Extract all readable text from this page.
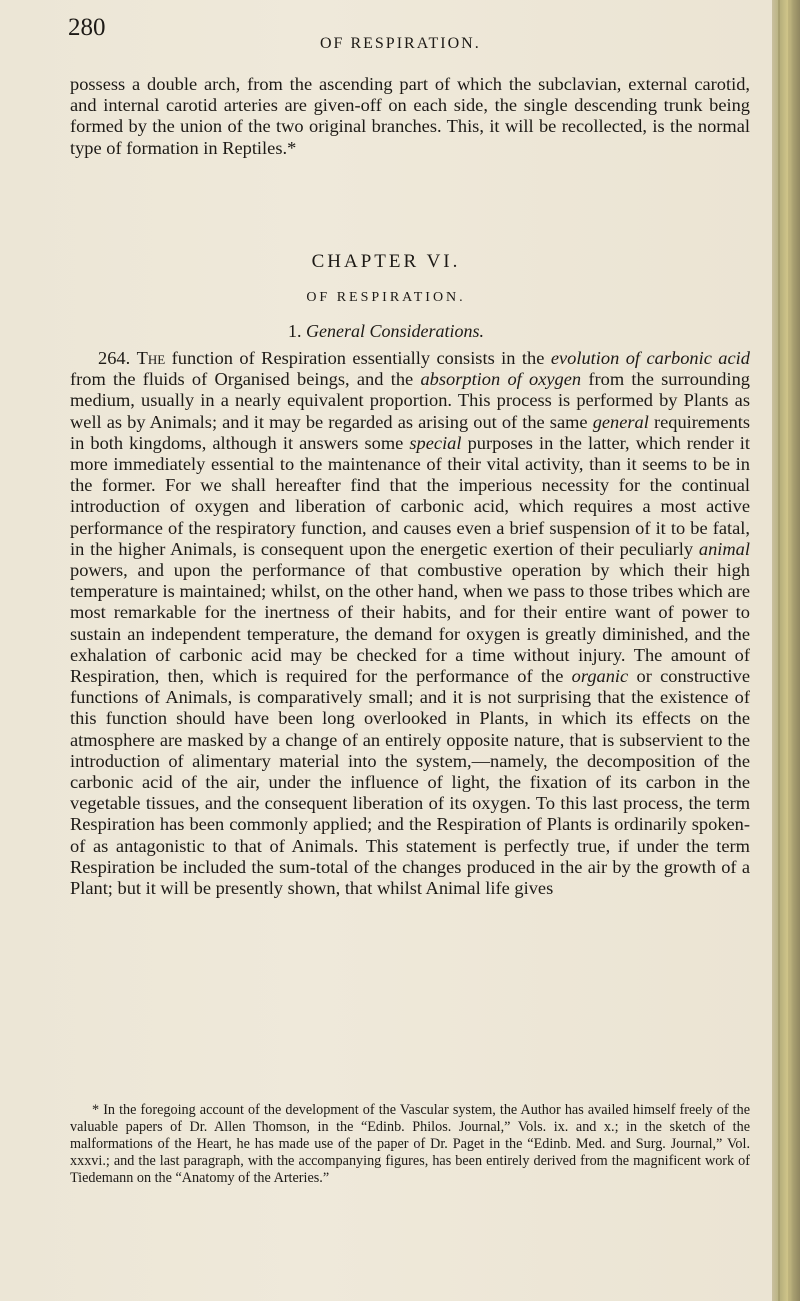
280
OF RESPIRATION.

possess a double arch, from the ascending part of which the subclavian, external carotid, and internal carotid arteries are given-off on each side, the single descending trunk being formed by the union of the two original branches. This, it will be recollected, is the normal type of formation in Reptiles.*

CHAPTER VI.
OF RESPIRATION.
1. General Considerations.

264. The function of Respiration essentially consists in the evolution of carbonic acid from the fluids of Organised beings, and the absorption of oxygen from the surrounding medium, usually in a nearly equivalent proportion. This process is performed by Plants as well as by Animals; and it may be regarded as arising out of the same general requirements in both kingdoms, although it answers some special purposes in the latter, which render it more immediately essential to the maintenance of their vital activity, than it seems to be in the former. For we shall hereafter find that the imperious necessity for the continual introduction of oxygen and liberation of carbonic acid, which requires a most active performance of the respiratory function, and causes even a brief suspension of it to be fatal, in the higher Animals, is consequent upon the energetic exertion of their peculiarly animal powers, and upon the performance of that combustive operation by which their high temperature is maintained; whilst, on the other hand, when we pass to those tribes which are most remarkable for the inertness of their habits, and for their entire want of power to sustain an independent temperature, the demand for oxygen is greatly diminished, and the exhalation of carbonic acid may be checked for a time without injury. The amount of Respiration, then, which is required for the performance of the organic or constructive functions of Animals, is comparatively small; and it is not surprising that the existence of this function should have been long overlooked in Plants, in which its effects on the atmosphere are masked by a change of an entirely opposite nature, that is subservient to the introduction of alimentary material into the system,—namely, the decomposition of the carbonic acid of the air, under the influence of light, the fixation of its carbon in the vegetable tissues, and the consequent liberation of its oxygen. To this last process, the term Respiration has been commonly applied; and the Respiration of Plants is ordinarily spoken-of as antagonistic to that of Animals. This statement is perfectly true, if under the term Respiration be included the sum-total of the changes produced in the air by the growth of a Plant; but it will be presently shown, that whilst Animal life gives

* In the foregoing account of the development of the Vascular system, the Author has availed himself freely of the valuable papers of Dr. Allen Thomson, in the “Edinb. Philos. Journal,” Vols. ix. and x.; in the sketch of the malformations of the Heart, he has made use of the paper of Dr. Paget in the “Edinb. Med. and Surg. Journal,” Vol. xxxvi.; and the last paragraph, with the accompanying figures, has been entirely derived from the magnificent work of Tiedemann on the “Anatomy of the Arteries.”
